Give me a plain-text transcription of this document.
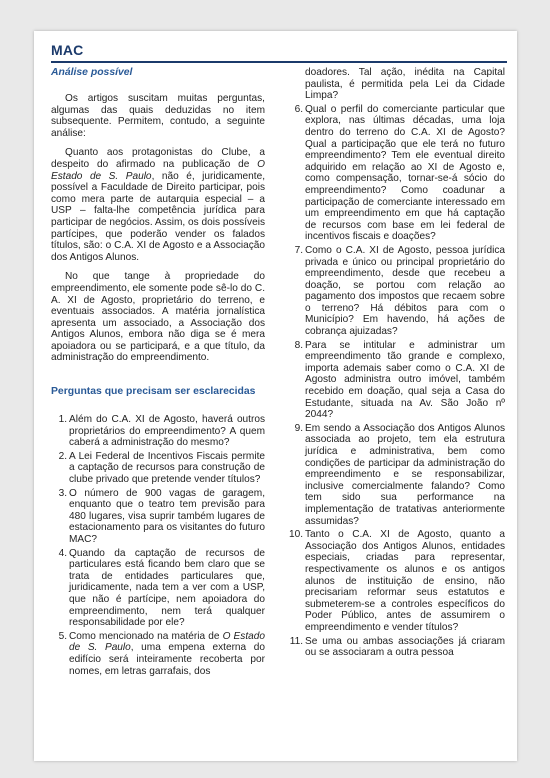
MAC
Análise possível

Os artigos suscitam muitas perguntas, algumas das quais deduzidas no item subsequente. Permitem, contudo, a seguinte análise:

Quanto aos protagonistas do Clube, a despeito do afirmado na publicação de O Estado de S. Paulo, não é, juridicamente, possível a Faculdade de Direito participar, pois como mera parte de autarquia especial – a USP – falta-lhe competência jurídica para participar de negócios. Assim, os dois possíveis partícipes, que poderão vender os falados títulos, são: o C.A. XI de Agosto e a Associação dos Antigos Alunos.

No que tange à propriedade do empreendimento, ele somente pode sê-lo do C. A. XI de Agosto, proprietário do terreno, e eventuais associados. A matéria jornalística apresenta um associado, a Associação dos Antigos Alunos, embora não diga se é mera apoiadora ou se participará, e a que título, da administração do empreendimento.

Perguntas que precisam ser esclarecidas
1 . Além do C.A. XI de Agosto, haverá outros proprietários do empreendimento? A quem caberá a administração do mesmo?
2 . A Lei Federal de Incentivos Fiscais permite a captação de recursos para construção de clube privado que pretende vender títulos?
3 . O número de 900 vagas de garagem, enquanto que o teatro tem previsão para 480 lugares, visa suprir também lugares de estacionamento para os visitantes do futuro MAC?
4 . Quando da captação de recursos de particulares está ficando bem claro que se trata de entidades particulares que, juridicamente, nada tem a ver com a USP, que não é partícipe, nem apoiadora do empreendimento, nem terá qualquer responsabilidade por ele?
5 . Como mencionado na matéria de O Estado de S. Paulo, uma empena externa do edifício será inteiramente recoberta por nomes, em letras garrafais, dos

doadores. Tal ação, inédita na Capital paulista, é permitida pela Lei da Cidade Limpa?

6 . Qual o perfil do comerciante particular que explora, nas últimas décadas, uma loja dentro do terreno do C.A. XI de Agosto? Qual a participação que ele terá no futuro empreendimento? Tem ele eventual direito adquirido em relação ao XI de Agosto e, como compensação, tornar-se-á sócio do empreendimento? Como coadunar a participação de comerciante interessado em um empreendimento em que há captação de recursos com base em lei federal de incentivos fiscais e doações?
7 . Como o C.A. XI de Agosto, pessoa jurídica privada e único ou principal proprietário do empreendimento, desde que recebeu a doação, se portou com relação ao pagamento dos impostos que recaem sobre o terreno? Há débitos para com o Município? Em havendo, há ações de cobrança ajuizadas?
8 . Para se intitular e administrar um empreendimento tão grande e complexo, importa ademais saber como o C.A. XI de Agosto administra outro imóvel, também recebido em doação, qual seja a Casa do Estudante, situada na Av. São João nº 2044?
9 . Em sendo a Associação dos Antigos Alunos associada ao projeto, tem ela estrutura jurídica e administrativa, bem como condições de participar da administração do empreendimento e se responsabilizar, inclusive comercialmente falando? Como tem sido sua performance na implementação de tratativas anteriormente assumidas?
10 . Tanto o C.A. XI de Agosto, quanto a Associação dos Antigos Alunos, entidades especiais, criadas para representar, respectivamente os alunos e os antigos alunos de instituição de ensino, não precisariam reformar seus estatutos e submeterem-se a controles específicos do Poder Público, antes de assumirem o empreendimento e vender títulos?
11 . Se uma ou ambas associações já criaram ou se associaram a outra pessoa
